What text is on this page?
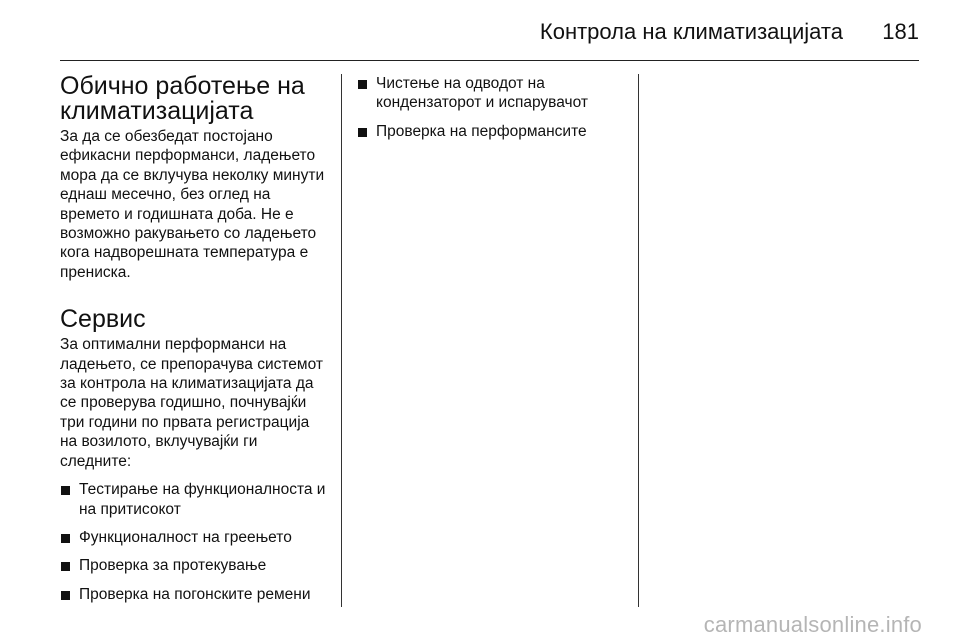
Контрола на климатизацијата 181
Обично работење на
климатизацијата

За да се обезбедат постојано ефикасни перформанси, ладењето мора да се вклучува неколку минути еднаш месечно, без оглед на времето и годишната доба. Не е возможно ракувањето со ладењето кога надворешната температура е прениска.

Сервис

За оптимални перформанси на ладењето, се препорачува системот за контрола на климатизацијата да се проверува годишно, почнувајќи три години по првата регистрација на возилото, вклучувајќи ги следните:

Тестирање на функционалноста и на притисокот
Функционалност на греењето
Проверка за протекување
Проверка на погонските ремени
Чистење на одводот на кондензаторот и испарувачот
Проверка на перформансите
carmanualsonline.info
